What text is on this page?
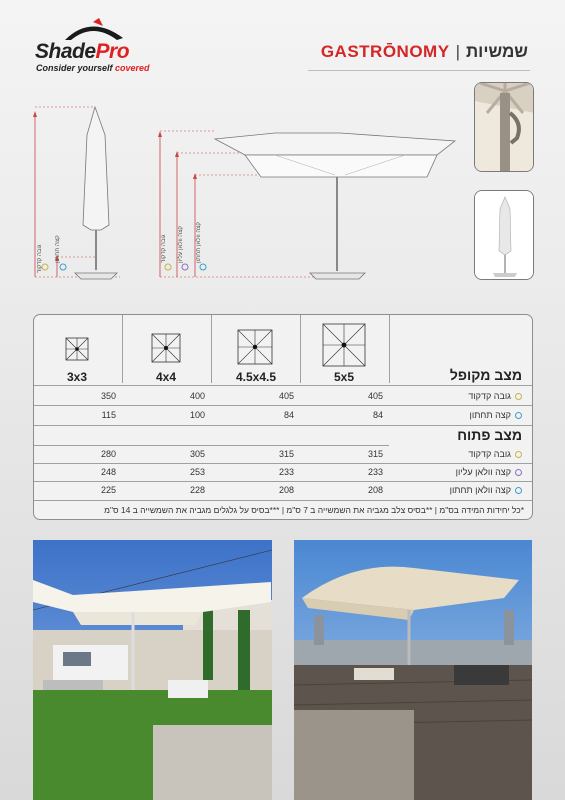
ShadePro
Consider yourself covered
GASTRŌNOMY | שמשיות
גובה קדקוד קצה תחתון	גובה קדקוד קצה וולאן עליון קצה וולאן תחתון
3x3	4x4	4.5x4.5	5x5	מצב מקופל
גובה קדקוד
350	400	405	405
קצה תחתון
115	100	84	84
מצב פתוח
גובה קדקוד
280	305	315	315
קצה וולאן עליון
248	253	233	233
קצה וולאן תחתון
225	228	208	208
*כל יחידות המידה בס"מ | **בסיס צלב מגביה את השמשייה ב 7 ס"מ | ***בסיס על גלגלים מגביה את השמשייה ב 14 ס"מ
